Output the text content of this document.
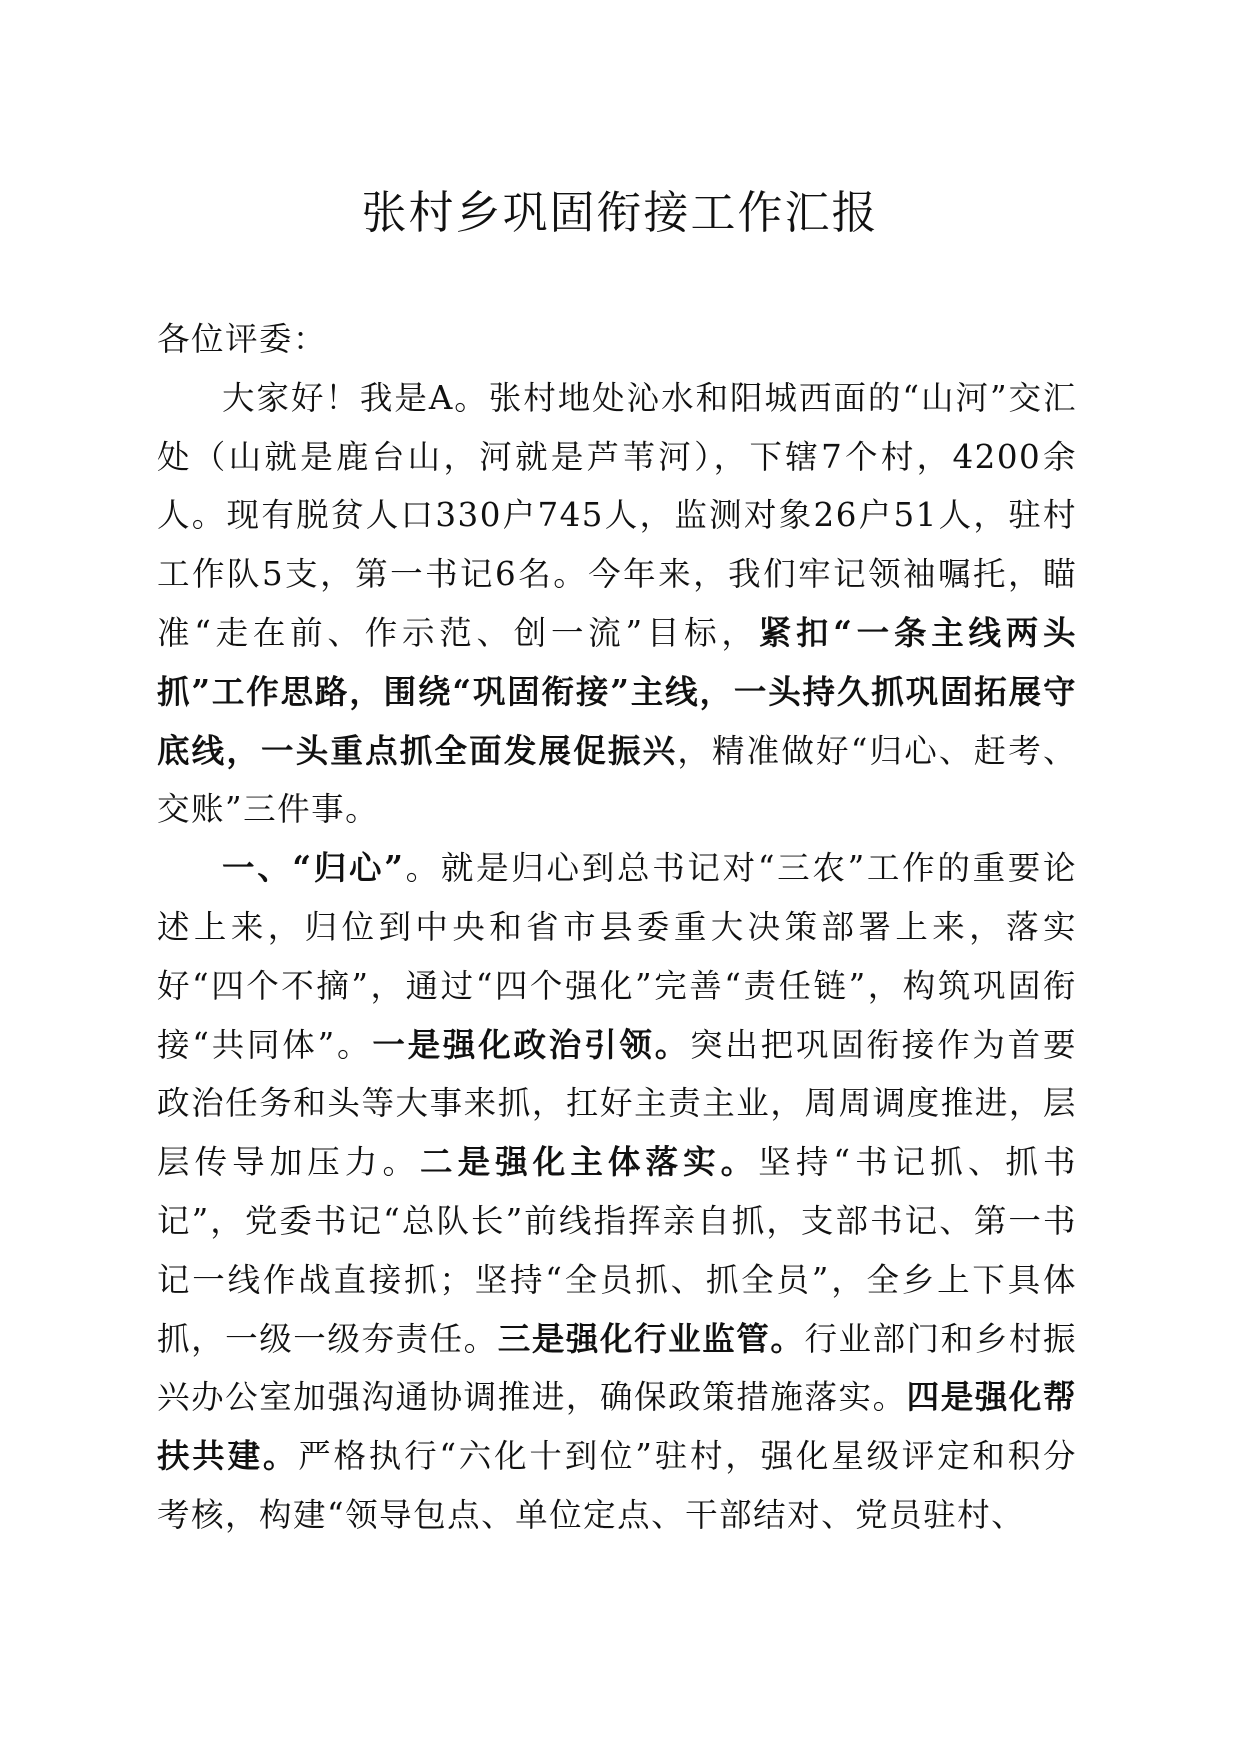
张村乡巩固衔接工作汇报

各位评委：

大家好！我是A。张村地处沁水和阳城西面的“山河”交汇处（山就是鹿台山，河就是芦苇河），下辖7个村，4200余人。现有脱贫人口330户745人，监测对象26户51人，驻村工作队5支，第一书记6名。今年来，我们牢记领袖嘱托，瞄准“走在前、作示范、创一流”目标，紧扣“一条主线两头抓”工作思路，围绕“巩固衔接”主线，一头持久抓巩固拓展守底线，一头重点抓全面发展促振兴，精准做好“归心、赶考、交账”三件事。

一、“归心”。就是归心到总书记对“三农”工作的重要论述上来，归位到中央和省市县委重大决策部署上来，落实好“四个不摘”，通过“四个强化”完善“责任链”，构筑巩固衔接“共同体”。一是强化政治引领。突出把巩固衔接作为首要政治任务和头等大事来抓，扛好主责主业，周周调度推进，层层传导加压力。二是强化主体落实。坚持“书记抓、抓书记”，党委书记“总队长”前线指挥亲自抓，支部书记、第一书记一线作战直接抓；坚持“全员抓、抓全员”，全乡上下具体抓，一级一级夯责任。三是强化行业监管。行业部门和乡村振兴办公室加强沟通协调推进，确保政策措施落实。四是强化帮扶共建。严格执行“六化十到位”驻村，强化星级评定和积分考核，构建“领导包点、单位定点、干部结对、党员驻村、
